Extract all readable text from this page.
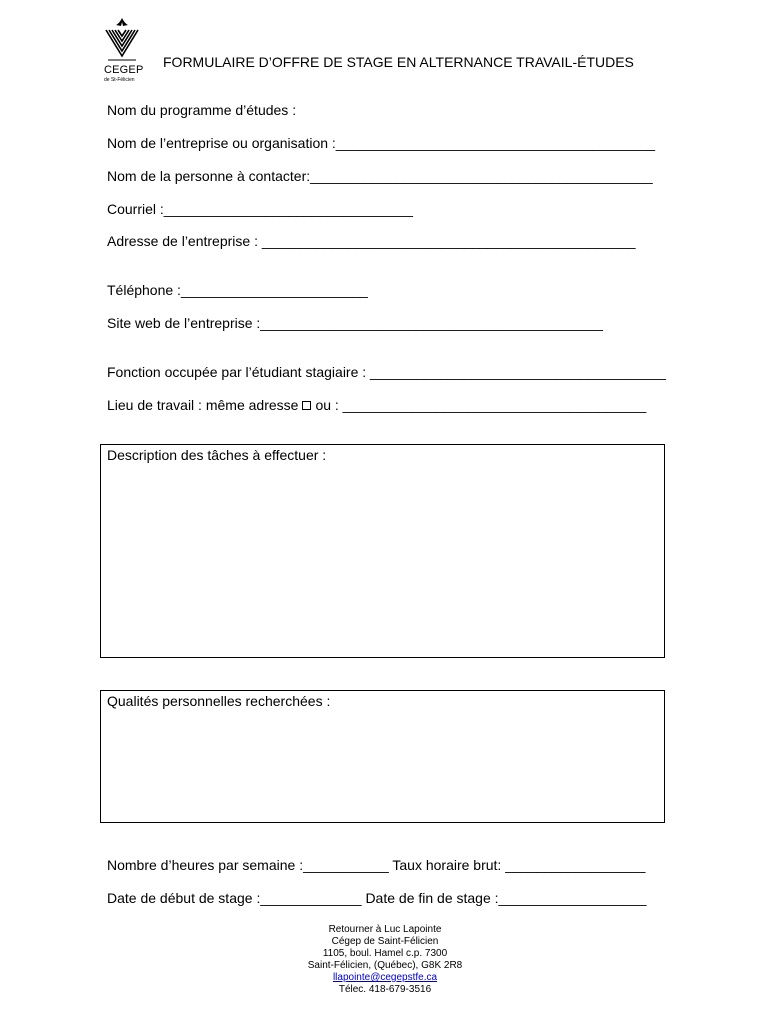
CEGEP
de St-Félicien
FORMULAIRE D’OFFRE DE STAGE EN ALTERNANCE TRAVAIL-ÉTUDES
Nom du programme d’études :
Nom de l’entreprise ou organisation :_________________________________________
Nom de la personne à contacter:____________________________________________
Courriel :________________________________
Adresse de l’entreprise : ________________________________________________
Téléphone :________________________
Site web de l’entreprise :____________________________________________
Fonction occupée par l’étudiant stagiaire : ______________________________________
Lieu de travail : même adresse ou : _______________________________________
Description des tâches à effectuer :
Qualités personnelles recherchées :
Nombre d’heures par semaine :___________ Taux horaire brut: __________________
Date de début de stage :_____________ Date de fin de stage :___________________
Retourner à Luc Lapointe
Cégep de Saint-Félicien
1105, boul. Hamel c.p. 7300
Saint-Félicien, (Québec), G8K 2R8
llapointe@cegepstfe.ca
Télec. 418-679-3516
